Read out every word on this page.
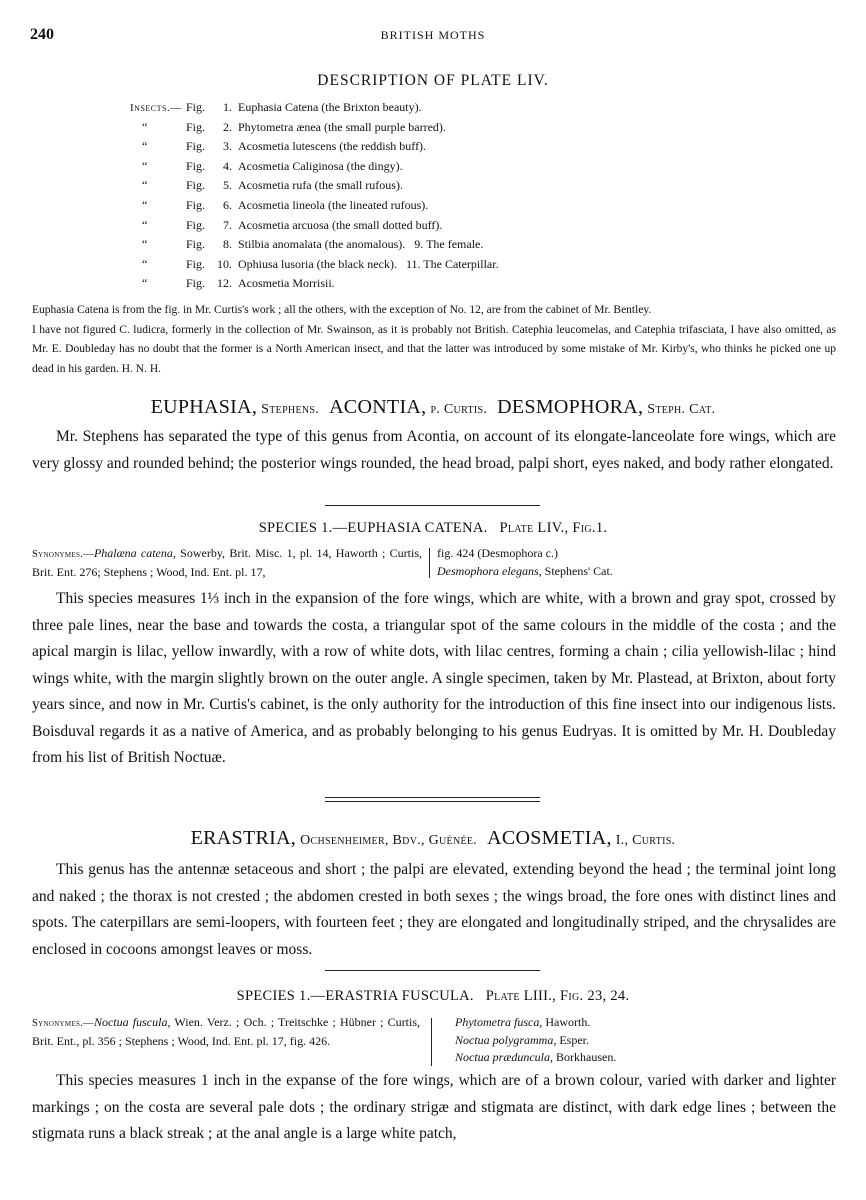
240	BRITISH MOTHS
DESCRIPTION OF PLATE LIV.
Insects.— Fig. 1. Euphasia Catena (the Brixton beauty).
“	Fig. 2. Phytometra ænea (the small purple barred).
“	Fig. 3. Acosmetia lutescens (the reddish buff).
“	Fig. 4. Acosmetia Caliginosa (the dingy).
“	Fig. 5. Acosmetia rufa (the small rufous).
“	Fig. 6. Acosmetia lineola (the lineated rufous).
“	Fig. 7. Acosmetia arcuosa (the small dotted buff).
“	Fig. 8. Stilbia anomalata (the anomalous).   9. The female.
“	Fig. 10. Ophiusa lusoria (the black neck).   11. The Caterpillar.
“	Fig. 12. Acosmetia Morrisii.

Euphasia Catena is from the fig. in Mr. Curtis's work ; all the others, with the exception of No. 12, are from the cabinet of Mr. Bentley.

I have not figured C. ludicra, formerly in the collection of Mr. Swainson, as it is probably not British. Catephia leucomelas, and Catephia trifasciata, I have also omitted, as Mr. E. Doubleday has no doubt that the former is a North American insect, and that the latter was introduced by some mistake of Mr. Kirby's, who thinks he picked one up dead in his garden. H. N. H.

EUPHASIA, Stephens. ACONTIA, p. Curtis. DESMOPHORA, Steph. Cat.

Mr. Stephens has separated the type of this genus from Acontia, on account of its elongate-lanceolate fore wings, which are very glossy and rounded behind; the posterior wings rounded, the head broad, palpi short, eyes naked, and body rather elongated.

SPECIES 1.—EUPHASIA CATENA. Plate LIV., Fig.1.
Synonymes.—Phalæna catena, Sowerby, Brit. Misc. 1, pl. 14, Haworth ; Curtis, Brit. Ent. 276; Stephens ; Wood, Ind. Ent. pl. 17,
fig. 424 (Desmophora c.)
Desmophora elegans, Stephens' Cat.

This species measures 1⅓ inch in the expansion of the fore wings, which are white, with a brown and gray spot, crossed by three pale lines, near the base and towards the costa, a triangular spot of the same colours in the middle of the costa ; and the apical margin is lilac, yellow inwardly, with a row of white dots, with lilac centres, forming a chain ; cilia yellowish-lilac ; hind wings white, with the margin slightly brown on the outer angle. A single specimen, taken by Mr. Plastead, at Brixton, about forty years since, and now in Mr. Curtis's cabinet, is the only authority for the introduction of this fine insect into our indigenous lists. Boisduval regards it as a native of America, and as probably belonging to his genus Eudryas. It is omitted by Mr. H. Doubleday from his list of British Noctuæ.

ERASTRIA, Ochsenheimer, Bdv., Guénée. ACOSMETIA, I., Curtis.

This genus has the antennæ setaceous and short ; the palpi are elevated, extending beyond the head ; the terminal joint long and naked ; the thorax is not crested ; the abdomen crested in both sexes ; the wings broad, the fore ones with distinct lines and spots. The caterpillars are semi-loopers, with fourteen feet ; they are elongated and longitudinally striped, and the chrysalides are enclosed in cocoons amongst leaves or moss.

SPECIES 1.—ERASTRIA FUSCULA. Plate LIII., Fig. 23, 24.
Synonymes.—Noctua fuscula, Wien. Verz. ; Och. ; Treitschke ; Hübner ; Curtis, Brit. Ent., pl. 356 ; Stephens ; Wood, Ind. Ent. pl. 17, fig. 426.
Phytometra fusca, Haworth.
Noctua polygramma, Esper.
Noctua præduncula, Borkhausen.

This species measures 1 inch in the expanse of the fore wings, which are of a brown colour, varied with darker and lighter markings ; on the costa are several pale dots ; the ordinary strigæ and stigmata are distinct, with dark edge lines ; between the stigmata runs a black streak ; at the anal angle is a large white patch,
